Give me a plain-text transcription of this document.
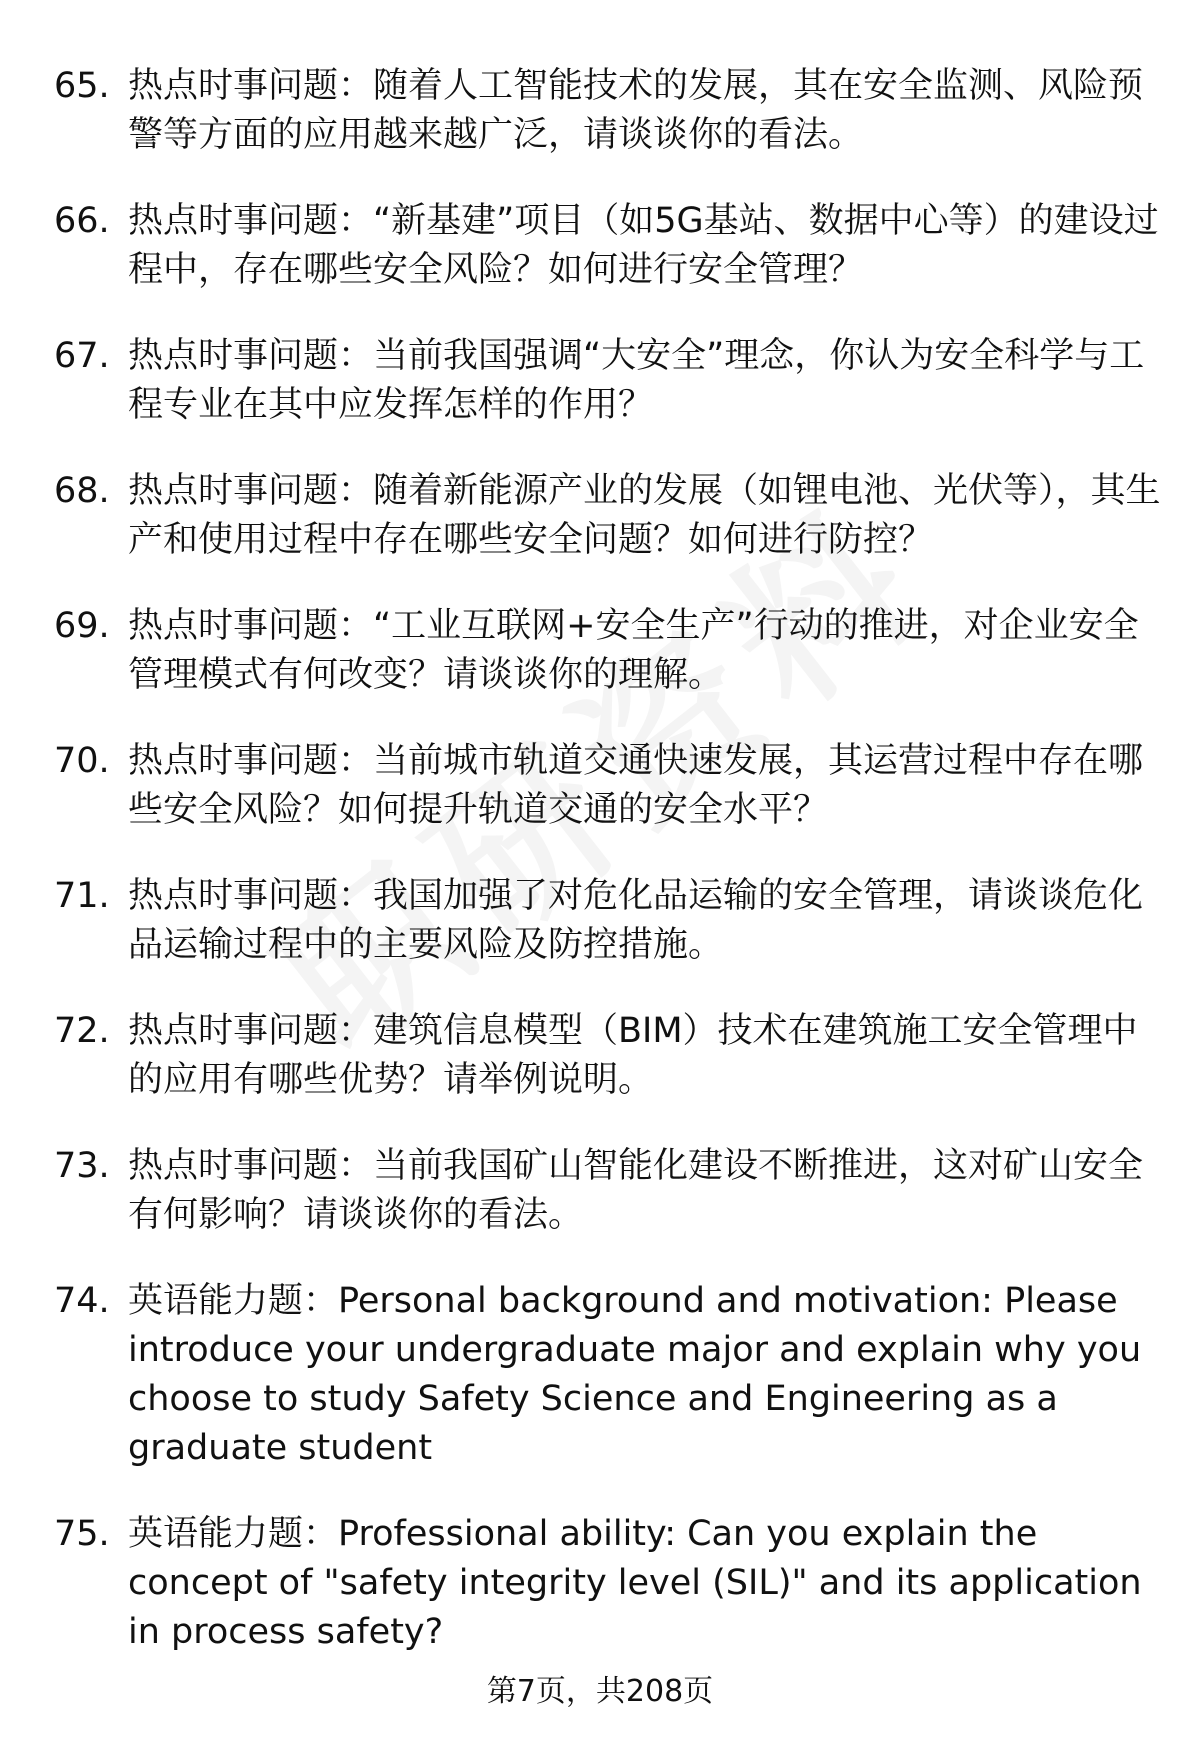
65. 热点时事问题：随着人工智能技术的发展，其在安全监测、风险预警等方面的应用越来越广泛，请谈谈你的看法。
66. 热点时事问题：“新基建”项目（如5G基站、数据中心等）的建设过程中，存在哪些安全风险？如何进行安全管理？
67. 热点时事问题：当前我国强调“大安全”理念，你认为安全科学与工程专业在其中应发挥怎样的作用？
68. 热点时事问题：随着新能源产业的发展（如锂电池、光伏等），其生产和使用过程中存在哪些安全问题？如何进行防控？
69. 热点时事问题：“工业互联网+安全生产”行动的推进，对企业安全管理模式有何改变？请谈谈你的理解。
70. 热点时事问题：当前城市轨道交通快速发展，其运营过程中存在哪些安全风险？如何提升轨道交通的安全水平？
71. 热点时事问题：我国加强了对危化品运输的安全管理，请谈谈危化品运输过程中的主要风险及防控措施。
72. 热点时事问题：建筑信息模型（BIM）技术在建筑施工安全管理中的应用有哪些优势？请举例说明。
73. 热点时事问题：当前我国矿山智能化建设不断推进，这对矿山安全有何影响？请谈谈你的看法。
74. 英语能力题：Personal background and motivation: Please introduce your undergraduate major and explain why you choose to study Safety Science and Engineering as a graduate student
75. 英语能力题：Professional ability: Can you explain the concept of "safety integrity level (SIL)" and its application in process safety?
第7页，共208页
